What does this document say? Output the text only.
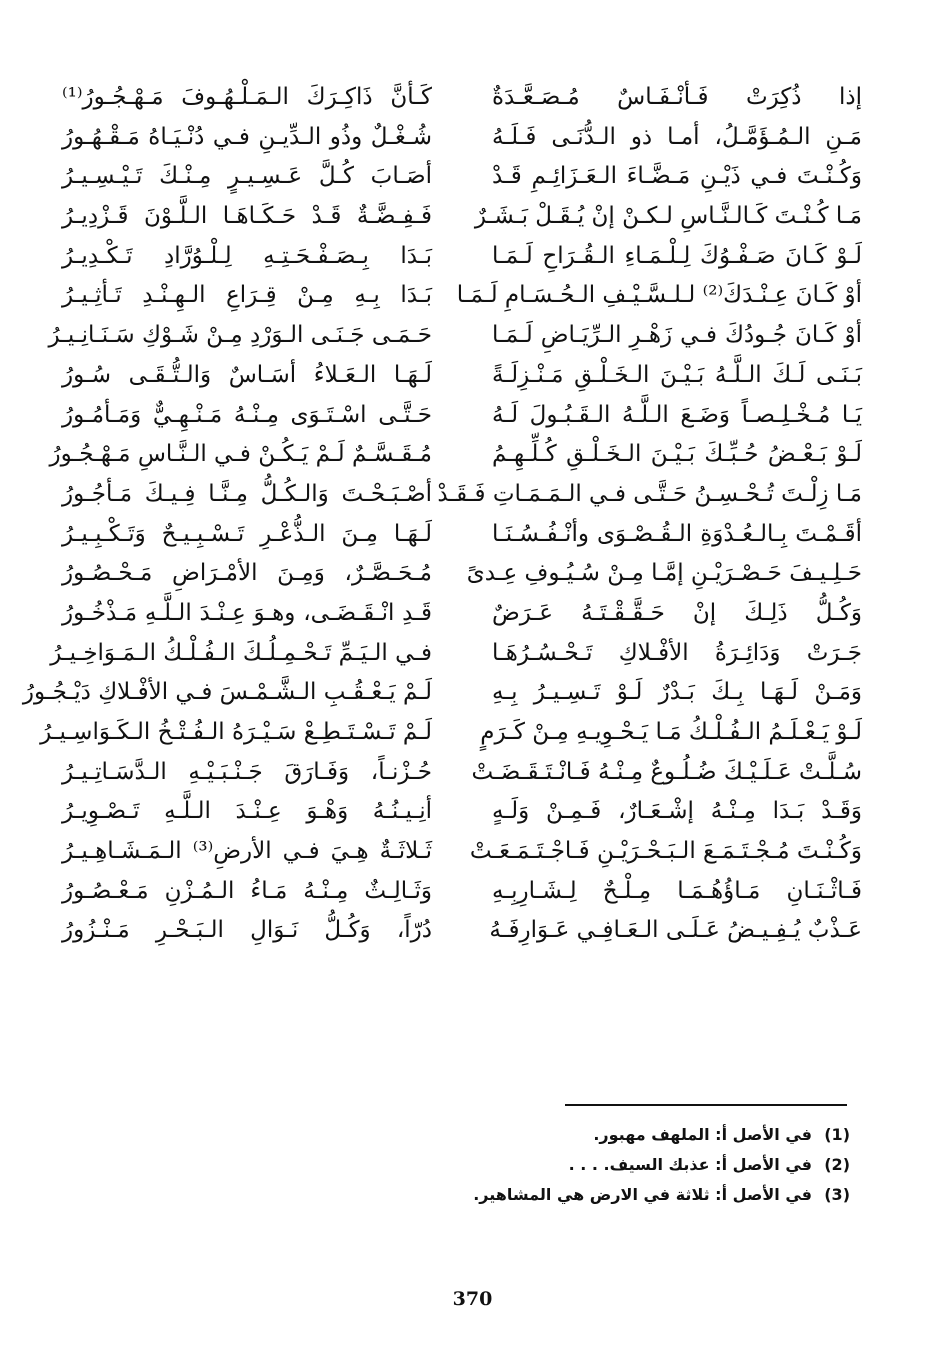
إذا ذُكِرَتْ فَـأنْـفَـاسٌ مُـصَـعَّـدَةٌ
كَـأنَّ ذَاكِـرَكَ الـمَـلْـهُـوفَ مَـهْـجُـورُ⁽¹⁾
مَـنِ الـمُـؤَمَّـلُ، أمـا ذو الـدُّنَـى فَـلَـهُ
شُـغْـلٌ وذُو الـدِّيـنِ فـي دُنْـيَـاهُ مَـقْـهُـورُ
وَكُـنْـتَ فـي ذَيْـنِ مَـضَّـاءَ الـعَـزَائِـمِ قَـدْ
أصَـابَ كُـلَّ عَـسِـيـرٍ مِـنْـكَ تَـيْـسِـيـرُ
مَـا كُـنْـتَ كَـالـنَّـاسِ لـكـنْ إنْ يُـقَـلْ بَـشَـرٌ
فَـفِـضَّـةٌ قَـدْ حَـكَـاهَـا الـلَّـوْنَ قَـزْدِيـرُ
لَـوْ كَـانَ صَـفْـوُكَ لِـلْـمَـاءِ الـقُـرَاحِ لَـمَـا
بَـدَا بِـصَـفْـحَـتِـهِ لِـلْـوُرَّادِ تَـكْـدِيـرُ
أوْ كَـانَ عِـنْـدَكَ⁽²⁾ لـلـسَّـيْـفِ الـحُـسَـامِ لَـمَـا
بَـدَا بِـهِ مِـنْ قِـرَاعِ الـهِـنْـدِ تَـأثِـيـرُ
أوْ كَـانَ جُـودُكَ فـي زَهْـرِ الـرِّيَـاضِ لَـمَـا
حَـمَـى جَـنَـى الـوَرْدِ مِـنْ شَـوْكِ سَـنَـانِـيـرُ
بَـنَـى لَـكَ الـلَّـهُ بَـيْـنَ الـخَـلْـقِ مَـنْـزِلَـةً
لَـهَـا الـعَـلاءُ أسَـاسٌ وَالـتُّـقَـى سُـورُ
يَـا مُـخْـلِـصـاً وَضَـعَ الـلَّـهُ الـقَـبُـولَ لَـهُ
حَـتَّـى اسْـتَـوَى مِـنْـهُ مَـنْـهِـيٌّ وَمَـأمُـورُ
لَـوْ بَـعْـضُ حُـبِّـكَ بَـيْـنَ الـخَـلْـقِ كُـلِّـهِـمُ
مُـقَـسَّـمٌ لَـمْ يَـكُـنْ فـي الـنَّـاسِ مَـهْـجُـورُ
مَـا زِلْـتَ تُـحْـسِـنُ حَـتَّـى فـي الـمَـمَـاتِ فَـقَـدْ
أصْـبَـحْـتَ وَالـكُـلُّ مِـنَّـا فِـيـكَ مَـأجُـورُ
أقَـمْـتَ بِـالـعُـدْوَةِ الـقُـصْـوَى وأنْـفُـسُـنَـا
لَـهَـا مِـنَ الـذُّعْـرِ تَـسْـبِـيـحٌ وَتَـكْـبِـيـرُ
حَـلِـيـفَ حَـصْـرَيْـنِ إمَّـا مِـنْ سُـيُـوفِ عِـدىً
مُـحَـصَّـرٌ، وَمِـنَ الأمْـرَاضِ مَـحْـصُـورُ
وَكُـلُّ ذَلِـكَ إنْ حَـقَّـقْـتَـهُ عَـرَضٌ
قَـدِ انْـقَـضَـى، وهـوَ عِـنْـدَ الـلَّـهِ مَـذْخُـورُ
جَـرَتْ وَدَائِـرَةُ الأفْـلاكِ تَـحْـسُـرُهَـا
فـي الـيَـمِّ تَـحْـمِـلُـكَ الـفُـلْـكُ الـمَـوَاخِـيـرُ
وَمَـنْ لَـهَـا بِـكَ بَـدْرٌ لَـوْ تَـسِـيـرُ بِـهِ
لَـمْ يَـعْـقُـبِ الـشَّـمْـسَ فـي الأفْـلاكِ دَيْـجُـورُ
لَـوْ يَـعْـلَـمُ الـفُـلْـكُ مَـا يَـحْـوِيـهِ مِـنْ كَـرَمٍ
لَـمْ تَـسْـتَـطِـعْ سَـيْـرَهُ الـفُـتْـخُ الـكَـوَاسِـيـرُ
سُـلَّـتْ عَـلَـيْـكَ ضُـلُـوعٌ مِـنْـهُ فَـانْـتَـقَـضَـتْ
حُـزْنـاً، وَفَـارَقَ جَـنْـبَـيْـهِ الـدَّسَـاتِـيـرُ
وَقَـدْ بَـدَا مِـنْـهُ إشْـعَـارٌ، فَـمِـنْ وَلَـهٍ
أنِـيـنُـهُ وَهْـوَ عِـنْـدَ الـلَّـهِ تَـصْـوِيـرُ
وَكُـنْـتَ مُـجْـتَـمَـعَ الـبَـحْـرَيْـنِ فَـاجْـتَـمَـعَـتْ
ثَـلاثَـةٌ هِـيَ فـي الأرضِ⁽³⁾ الـمَـشَـاهِـيـرُ
فَـاثْـنَـانِ مَـاؤُهُـمَـا مِـلْـحٌ لِـشَـارِبِـهِ
وَثَـالِـثٌ مِـنْـهُ مَـاءُ الـمُـزْنِ مَـعْـصُـورُ
عَـذْبٌ يُـفِـيـضُ عَـلَـى الـعَـافِـي عَـوَارِفَـهُ
دُرّاً، وَكُـلُّ نَـوَالِ الـبَـحْـرِ مَـنْـزُورُ
(1)في الأصل أ: الملهف مهبور.
(2)في الأصل أ: عذبك السيف. . . .
(3)في الأصل أ: ثلاثة في الارض هي المشاهير.
370
